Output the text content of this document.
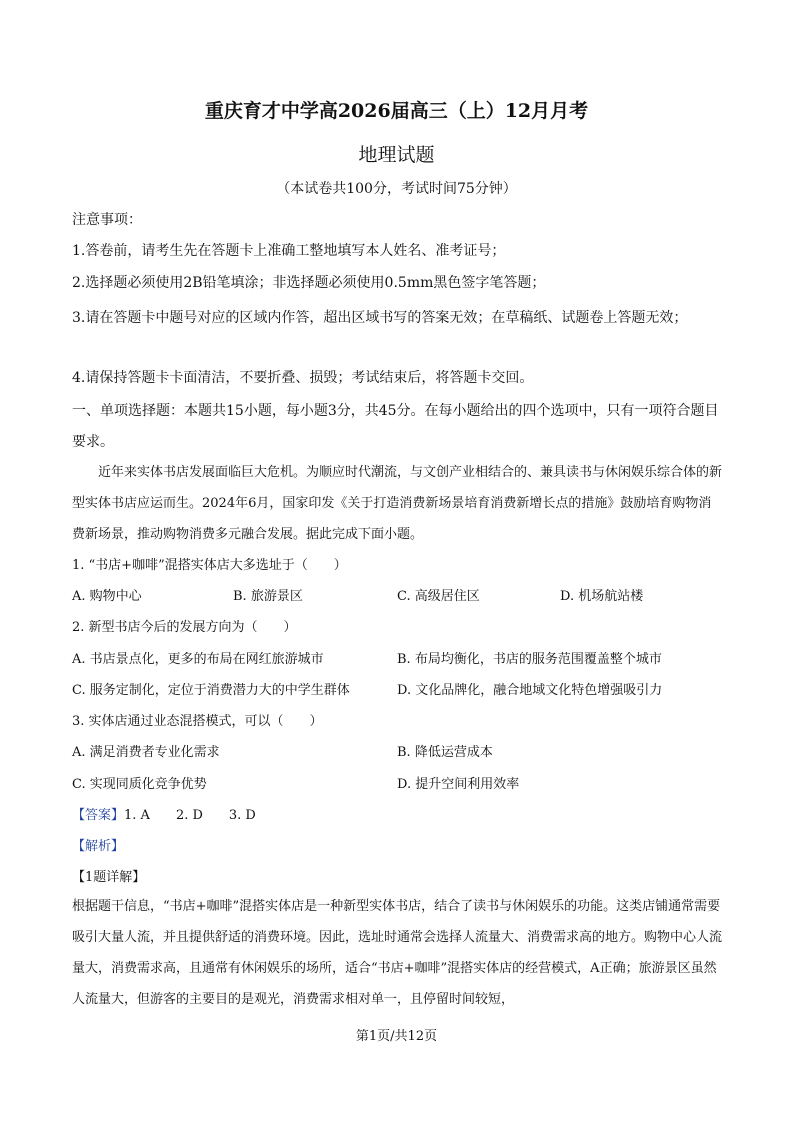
重庆育才中学高2026届高三（上）12月月考
地理试题
（本试卷共100分，考试时间75分钟）
注意事项：
1.答卷前，请考生先在答题卡上准确工整地填写本人姓名、准考证号；
2.选择题必须使用2B铅笔填涂；非选择题必须使用0.5mm黑色签字笔答题；
3.请在答题卡中题号对应的区域内作答，超出区域书写的答案无效；在草稿纸、试题卷上答题无效；
4.请保持答题卡卡面清洁，不要折叠、损毁；考试结束后，将答题卡交回。
一、单项选择题：本题共15小题，每小题3分，共45分。在每小题给出的四个选项中，只有一项符合题目要求。
近年来实体书店发展面临巨大危机。为顺应时代潮流，与文创产业相结合的、兼具读书与休闲娱乐综合体的新型实体书店应运而生。2024年6月，国家印发《关于打造消费新场景培育消费新增长点的措施》鼓励培育购物消费新场景，推动购物消费多元融合发展。据此完成下面小题。
1. “书店+咖啡”混搭实体店大多选址于（　　）
A. 购物中心	B. 旅游景区	C. 高级居住区	D. 机场航站楼
2. 新型书店今后的发展方向为（　　）
A. 书店景点化，更多的布局在网红旅游城市	B. 布局均衡化，书店的服务范围覆盖整个城市
C. 服务定制化，定位于消费潜力大的中学生群体	D. 文化品牌化，融合地域文化特色增强吸引力
3. 实体店通过业态混搭模式，可以（　　）
A. 满足消费者专业化需求	B. 降低运营成本
C. 实现同质化竞争优势	D. 提升空间利用效率
【答案】1. A　　2. D　　3. D
【解析】
【1题详解】
根据题干信息，“书店+咖啡”混搭实体店是一种新型实体书店，结合了读书与休闲娱乐的功能。这类店铺通常需要吸引大量人流，并且提供舒适的消费环境。因此，选址时通常会选择人流量大、消费需求高的地方。购物中心人流量大，消费需求高，且通常有休闲娱乐的场所，适合“书店+咖啡”混搭实体店的经营模式，A正确；旅游景区虽然人流量大，但游客的主要目的是观光，消费需求相对单一，且停留时间较短，
第1页/共12页
